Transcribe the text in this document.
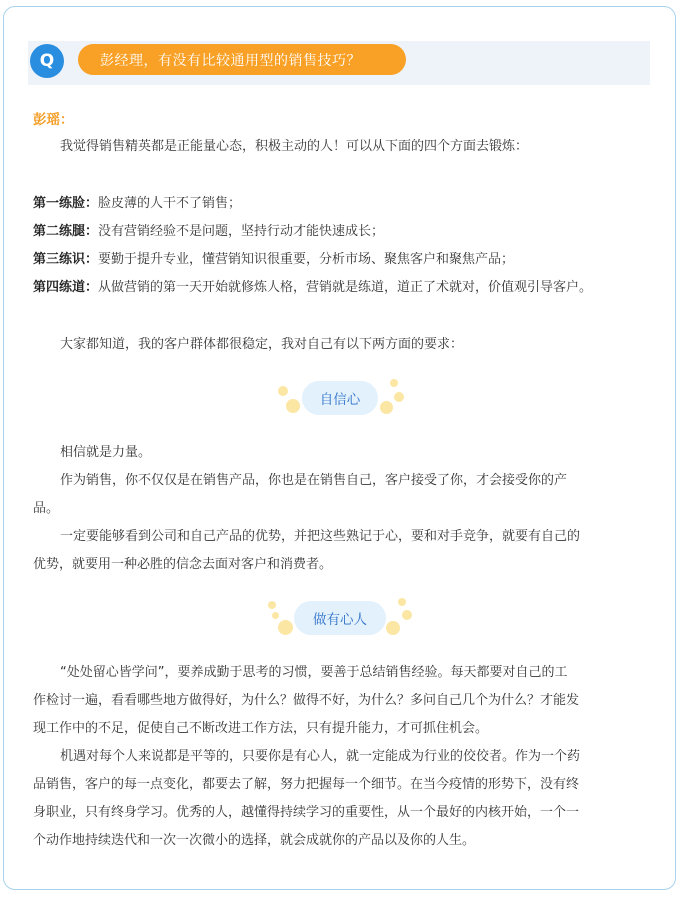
Q	彭经理，有没有比较通用型的销售技巧？
彭瑶：
我觉得销售精英都是正能量心态，积极主动的人！可以从下面的四个方面去锻炼：
第一练脸：脸皮薄的人干不了销售；
第二练腿：没有营销经验不是问题，坚持行动才能快速成长；
第三练识：要勤于提升专业，懂营销知识很重要，分析市场、聚焦客户和聚焦产品；
第四练道：从做营销的第一天开始就修炼人格，营销就是练道，道正了术就对，价值观引导客户。
大家都知道，我的客户群体都很稳定，我对自己有以下两方面的要求：
自信心
相信就是力量。
作为销售，你不仅仅是在销售产品，你也是在销售自己，客户接受了你，才会接受你的产
品。
一定要能够看到公司和自己产品的优势，并把这些熟记于心，要和对手竞争，就要有自己的
优势，就要用一种必胜的信念去面对客户和消费者。
做有心人
“处处留心皆学问”，要养成勤于思考的习惯，要善于总结销售经验。每天都要对自己的工
作检讨一遍，看看哪些地方做得好，为什么？做得不好，为什么？多问自己几个为什么？才能发
现工作中的不足，促使自己不断改进工作方法，只有提升能力，才可抓住机会。
机遇对每个人来说都是平等的，只要你是有心人，就一定能成为行业的佼佼者。作为一个药
品销售，客户的每一点变化，都要去了解，努力把握每一个细节。在当今疫情的形势下，没有终
身职业，只有终身学习。优秀的人，越懂得持续学习的重要性，从一个最好的内核开始，一个一
个动作地持续迭代和一次一次微小的选择，就会成就你的产品以及你的人生。
